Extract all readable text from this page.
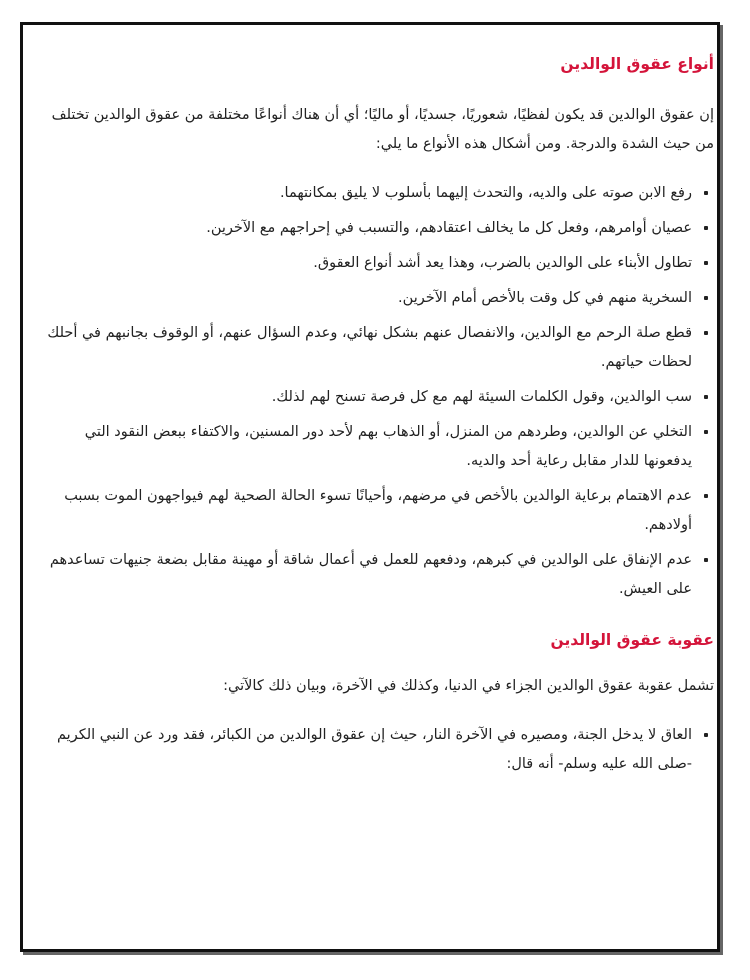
أنواع عقوق الوالدين

إن عقوق الوالدين قد يكون لفظيًا، شعوريًا، جسديًا، أو ماليًا؛ أي أن هناك أنواعًا مختلفة من عقوق الوالدين تختلف من حيث الشدة والدرجة. ومن أشكال هذه الأنواع ما يلي:

رفع الابن صوته على والديه، والتحدث إليهما بأسلوب لا يليق بمكانتهما.
عصيان أوامرهم، وفعل كل ما يخالف اعتقادهم، والتسبب في إحراجهم مع الآخرين.
تطاول الأبناء على الوالدين بالضرب، وهذا يعد أشد أنواع العقوق.
السخرية منهم في كل وقت بالأخص أمام الآخرين.
قطع صلة الرحم مع الوالدين، والانفصال عنهم بشكل نهائي، وعدم السؤال عنهم، أو الوقوف بجانبهم في أحلك لحظات حياتهم.
سب الوالدين، وقول الكلمات السيئة لهم مع كل فرصة تسنح لهم لذلك.
التخلي عن الوالدين، وطردهم من المنزل، أو الذهاب بهم لأحد دور المسنين، والاكتفاء ببعض النقود التي يدفعونها للدار مقابل رعاية أحد والديه.
عدم الاهتمام برعاية الوالدين بالأخص في مرضهم، وأحيانًا تسوء الحالة الصحية لهم فيواجهون الموت بسبب أولادهم.
عدم الإنفاق على الوالدين في كبرهم، ودفعهم للعمل في أعمال شاقة أو مهينة مقابل بضعة جنيهات تساعدهم على العيش.
عقوبة عقوق الوالدين

تشمل عقوبة عقوق الوالدين الجزاء في الدنيا، وكذلك في الآخرة، وبيان ذلك كالآتي:

العاق لا يدخل الجنة، ومصيره في الآخرة النار، حيث إن عقوق الوالدين من الكبائر، فقد ورد عن النبي الكريم -صلى الله عليه وسلم- أنه قال:
